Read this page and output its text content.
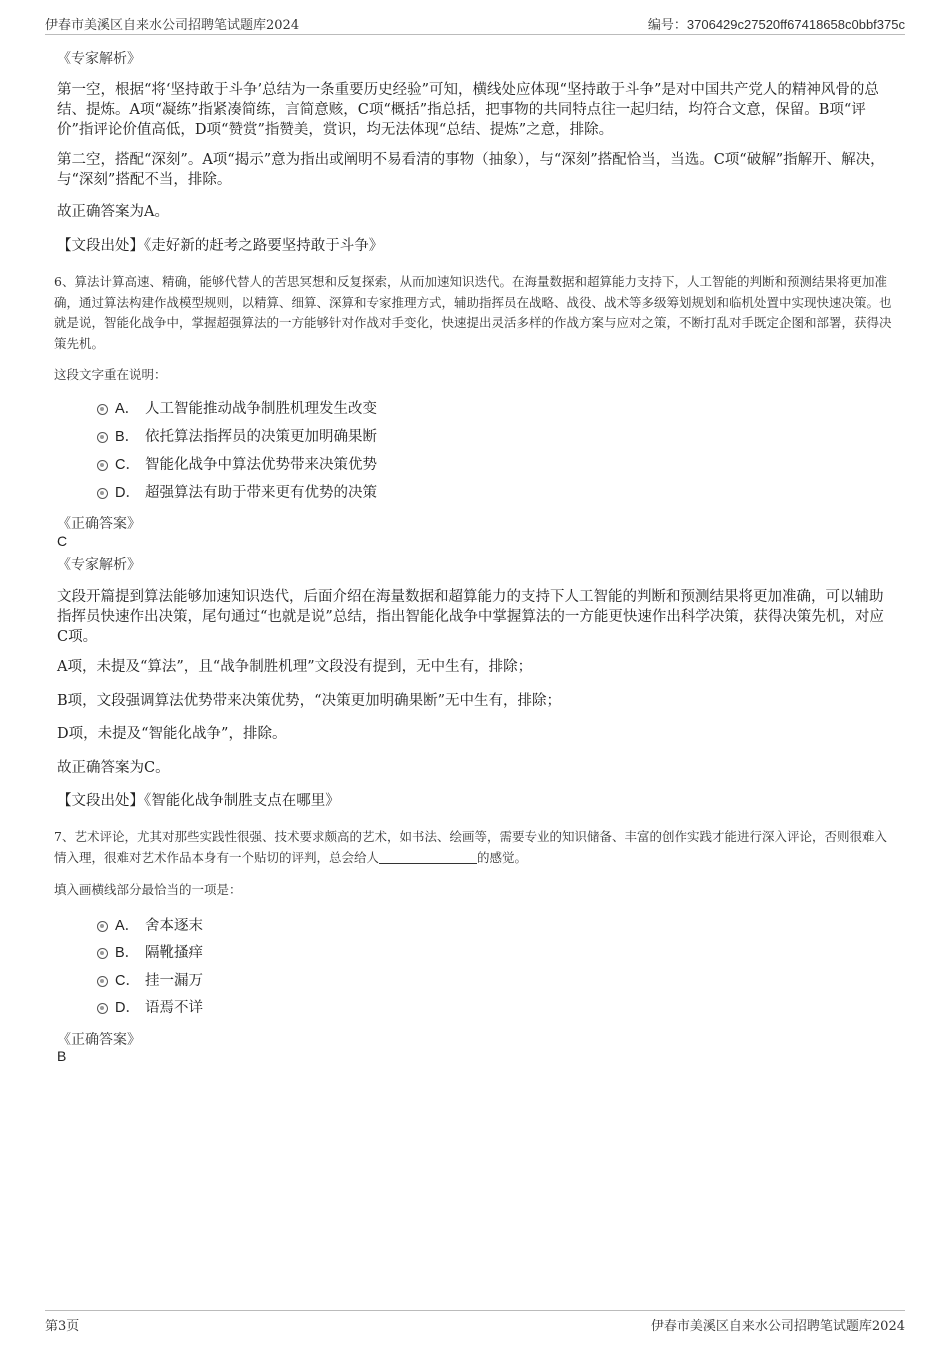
伊春市美溪区自来水公司招聘笔试题库2024	编号：3706429c27520ff67418658c0bbf375c
《专家解析》

第一空，根据“将‘坚持敢于斗争’总结为一条重要历史经验”可知，横线处应体现“坚持敢于斗争”是对中国共产党人的精神风骨的总结、提炼。A项“凝练”指紧凑简练，言简意赅，C项“概括”指总括，把事物的共同特点往一起归结，均符合文意，保留。B项“评价”指评论价值高低，D项“赞赏”指赞美，赏识，均无法体现“总结、提炼”之意，排除。

第二空，搭配“深刻”。A项“揭示”意为指出或阐明不易看清的事物（抽象），与“深刻”搭配恰当，当选。C项“破解”指解开、解决，与“深刻”搭配不当，排除。

故正确答案为A。

【文段出处】《走好新的赶考之路要坚持敢于斗争》

6、算法计算高速、精确，能够代替人的苦思冥想和反复探索，从而加速知识迭代。在海量数据和超算能力支持下，人工智能的判断和预测结果将更加准确，通过算法构建作战模型规则，以精算、细算、深算和专家推理方式，辅助指挥员在战略、战役、战术等多级筹划规划和临机处置中实现快速决策。也就是说，智能化战争中，掌握超强算法的一方能够针对作战对手变化，快速提出灵活多样的作战方案与应对之策，不断打乱对手既定企图和部署，获得决策先机。

这段文字重在说明：

A． 人工智能推动战争制胜机理发生改变
B． 依托算法指挥员的决策更加明确果断
C． 智能化战争中算法优势带来决策优势
D． 超强算法有助于带来更有优势的决策
《正确答案》
C
《专家解析》

文段开篇提到算法能够加速知识迭代，后面介绍在海量数据和超算能力的支持下人工智能的判断和预测结果将更加准确，可以辅助指挥员快速作出决策，尾句通过“也就是说”总结，指出智能化战争中掌握算法的一方能更快速作出科学决策，获得决策先机，对应C项。

A项，未提及“算法”，且“战争制胜机理”文段没有提到，无中生有，排除；

B项，文段强调算法优势带来决策优势，“决策更加明确果断”无中生有，排除；

D项，未提及“智能化战争”，排除。

故正确答案为C。

【文段出处】《智能化战争制胜支点在哪里》

7、艺术评论，尤其对那些实践性很强、技术要求颇高的艺术，如书法、绘画等，需要专业的知识储备、丰富的创作实践才能进行深入评论，否则很难入情入理，很难对艺术作品本身有一个贴切的评判，总会给人	的感觉。

填入画横线部分最恰当的一项是：

A． 舍本逐末
B． 隔靴搔痒
C． 挂一漏万
D． 语焉不详
《正确答案》
B
第3页	伊春市美溪区自来水公司招聘笔试题库2024
